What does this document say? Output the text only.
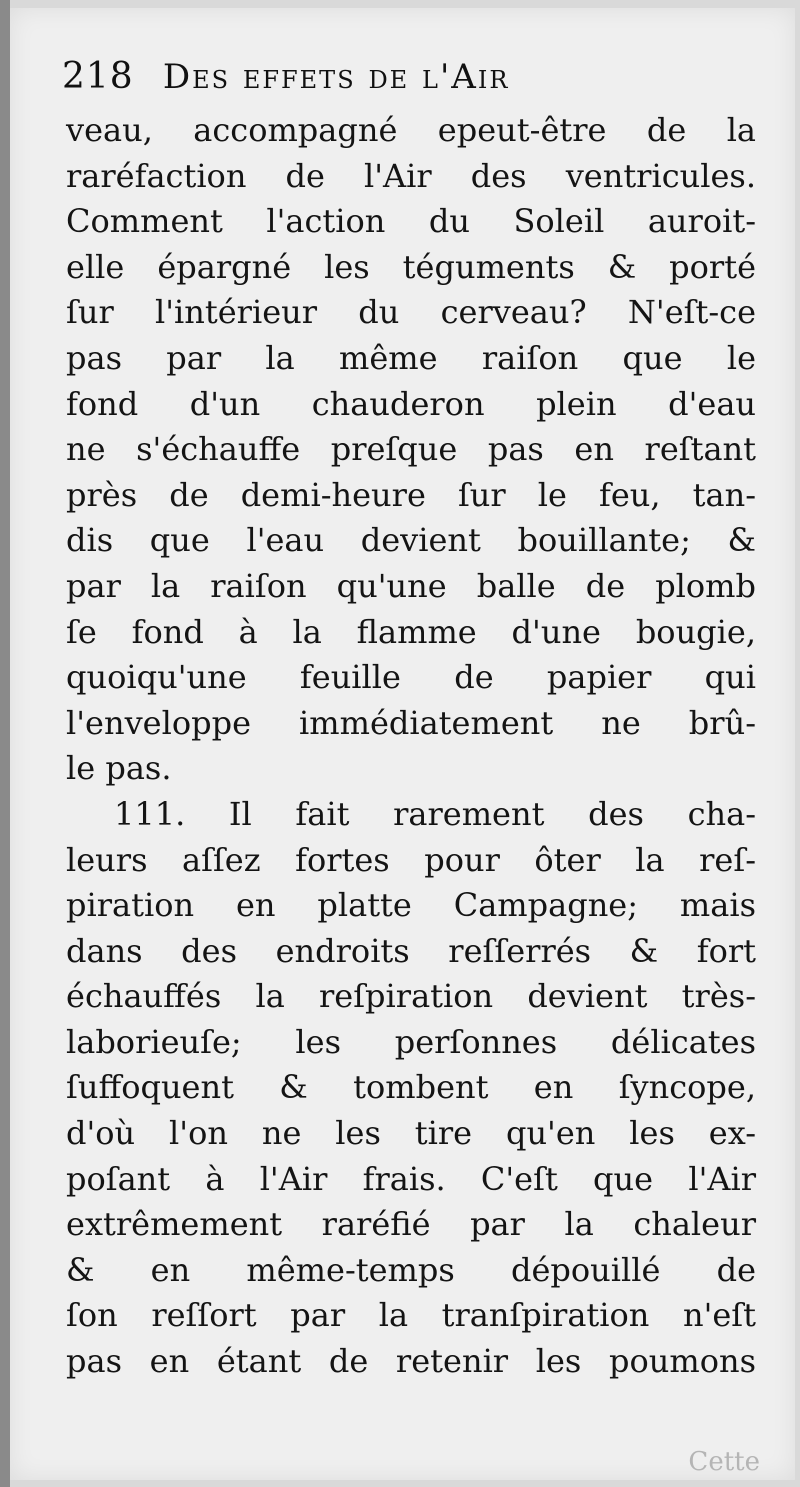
218 Des effets de l'Air
veau, accompagné epeut-être de la
raréfaction de l'Air des ventricules.
Comment l'action du Soleil auroit-
elle épargné les téguments & porté
ſur l'intérieur du cerveau? N'eſt-ce
pas par la même raiſon que le
fond d'un chauderon plein d'eau
ne s'échauffe preſque pas en reſtant
près de demi-heure ſur le feu, tan-
dis que l'eau devient bouillante; &
par la raiſon qu'une balle de plomb
ſe fond à la flamme d'une bougie,
quoiqu'une feuille de papier qui
l'enveloppe immédiatement ne brû-
le pas.
111. Il fait rarement des cha-
leurs aſſez fortes pour ôter la reſ-
piration en platte Campagne; mais
dans des endroits reſſerrés & fort
échauffés la reſpiration devient très-
laborieuſe; les perſonnes délicates
ſuffoquent & tombent en ſyncope,
d'où l'on ne les tire qu'en les ex-
poſant à l'Air frais. C'eſt que l'Air
extrêmement raréfié par la chaleur
& en même-temps dépouillé de
ſon reſſort par la tranſpiration n'eſt
pas en étant de retenir les poumons
Cette
